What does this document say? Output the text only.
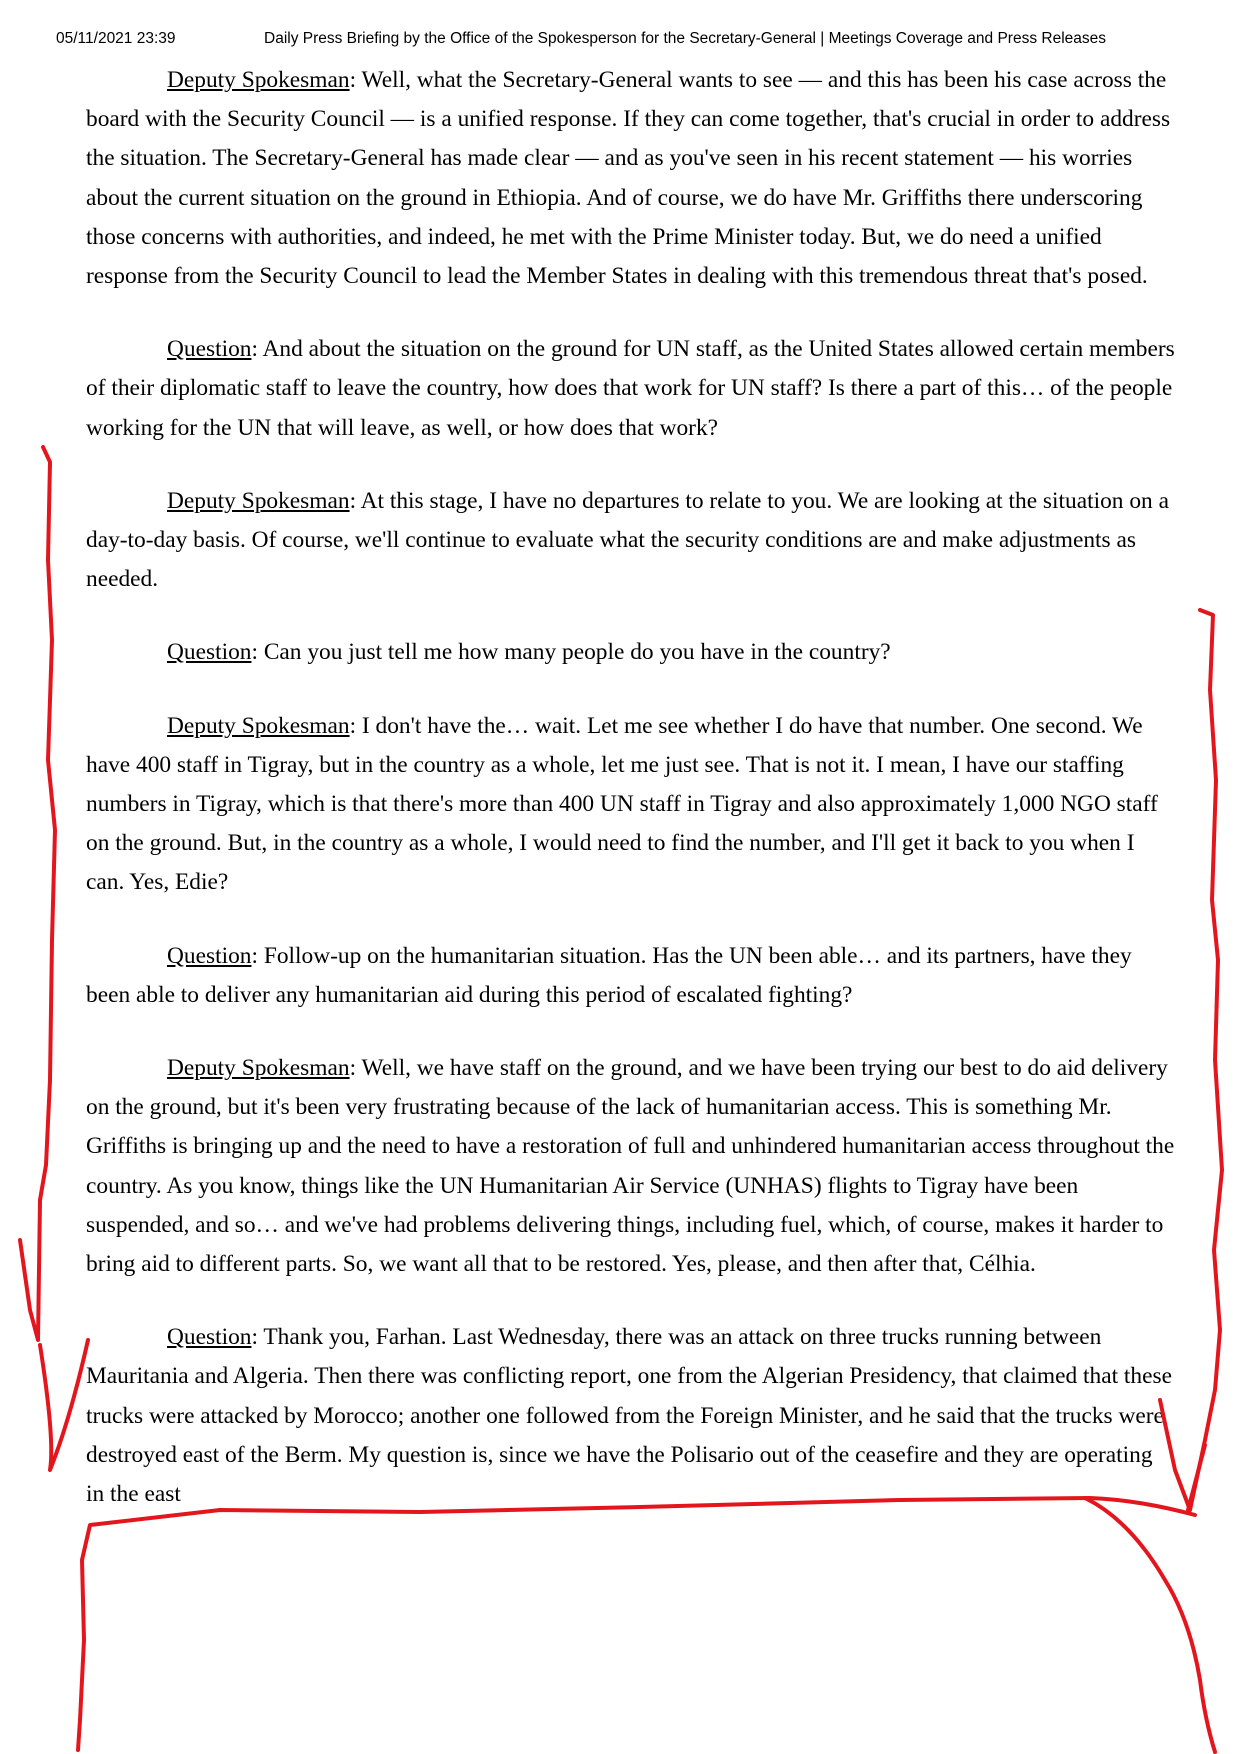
05/11/2021 23:39	Daily Press Briefing by the Office of the Spokesperson for the Secretary-General | Meetings Coverage and Press Releases

Deputy Spokesman: Well, what the Secretary-General wants to see — and this has been his case across the board with the Security Council — is a unified response. If they can come together, that's crucial in order to address the situation. The Secretary-General has made clear — and as you've seen in his recent statement — his worries about the current situation on the ground in Ethiopia. And of course, we do have Mr. Griffiths there underscoring those concerns with authorities, and indeed, he met with the Prime Minister today. But, we do need a unified response from the Security Council to lead the Member States in dealing with this tremendous threat that's posed.

Question: And about the situation on the ground for UN staff, as the United States allowed certain members of their diplomatic staff to leave the country, how does that work for UN staff? Is there a part of this… of the people working for the UN that will leave, as well, or how does that work?

Deputy Spokesman: At this stage, I have no departures to relate to you. We are looking at the situation on a day-to-day basis. Of course, we'll continue to evaluate what the security conditions are and make adjustments as needed.

Question: Can you just tell me how many people do you have in the country?

Deputy Spokesman: I don't have the… wait. Let me see whether I do have that number. One second. We have 400 staff in Tigray, but in the country as a whole, let me just see. That is not it. I mean, I have our staffing numbers in Tigray, which is that there's more than 400 UN staff in Tigray and also approximately 1,000 NGO staff on the ground. But, in the country as a whole, I would need to find the number, and I'll get it back to you when I can. Yes, Edie?

Question: Follow-up on the humanitarian situation. Has the UN been able… and its partners, have they been able to deliver any humanitarian aid during this period of escalated fighting?

Deputy Spokesman: Well, we have staff on the ground, and we have been trying our best to do aid delivery on the ground, but it's been very frustrating because of the lack of humanitarian access. This is something Mr. Griffiths is bringing up and the need to have a restoration of full and unhindered humanitarian access throughout the country. As you know, things like the UN Humanitarian Air Service (UNHAS) flights to Tigray have been suspended, and so… and we've had problems delivering things, including fuel, which, of course, makes it harder to bring aid to different parts. So, we want all that to be restored. Yes, please, and then after that, Célhia.

Question: Thank you, Farhan. Last Wednesday, there was an attack on three trucks running between Mauritania and Algeria. Then there was conflicting report, one from the Algerian Presidency, that claimed that these trucks were attacked by Morocco; another one followed from the Foreign Minister, and he said that the trucks were destroyed east of the Berm. My question is, since we have the Polisario out of the ceasefire and they are operating in the east
